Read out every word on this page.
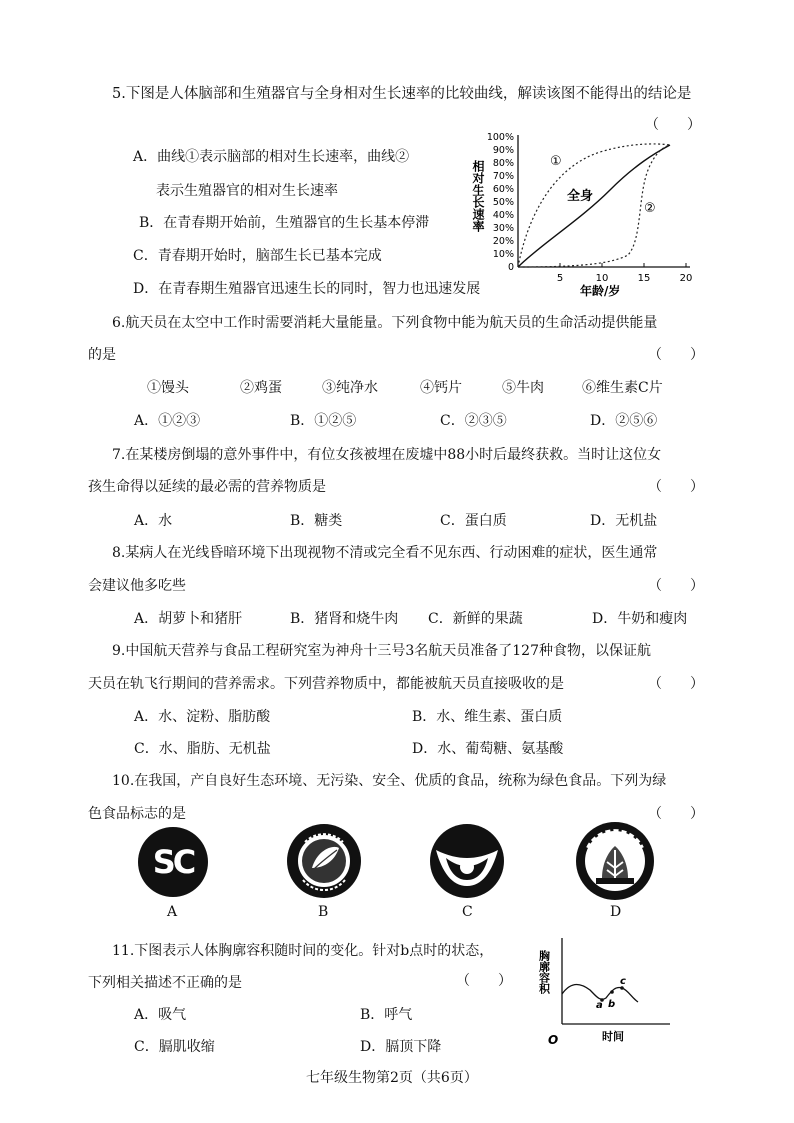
5.下图是人体脑部和生殖器官与全身相对生长速率的比较曲线，解读该图不能得出的结论是
（　　）
A．曲线①表示脑部的相对生长速率，曲线②
表示生殖器官的相对生长速率
B．在青春期开始前，生殖器官的生长基本停滞
C．青春期开始时，脑部生长已基本完成
D．在青春期生殖器官迅速生长的同时，智力也迅速发展
相对生长速率
100%
90%
80%
70%
60%
50%
40%
30%
20%
10%
0
5	10	15	20
①
全身
②
年龄/岁
6.航天员在太空中工作时需要消耗大量能量。下列食物中能为航天员的生命活动提供能量
的是	（　　）
①馒头	②鸡蛋	③纯净水	④钙片	⑤牛肉	⑥维生素C片
A．①②③	B．①②⑤	C．②③⑤	D．②⑤⑥
7.在某楼房倒塌的意外事件中，有位女孩被埋在废墟中88小时后最终获救。当时让这位女
孩生命得以延续的最必需的营养物质是	（　　）
A．水	B．糖类	C．蛋白质	D．无机盐
8.某病人在光线昏暗环境下出现视物不清或完全看不见东西、行动困难的症状，医生通常
会建议他多吃些	（　　）
A．胡萝卜和猪肝	B．猪肾和烧牛肉 C．新鲜的果蔬	D．牛奶和瘦肉
9.中国航天营养与食品工程研究室为神舟十三号3名航天员准备了127种食物，以保证航
天员在轨飞行期间的营养需求。下列营养物质中，都能被航天员直接吸收的是	（　　）
A．水、淀粉、脂肪酸	B．水、维生素、蛋白质
C．水、脂肪、无机盐	D．水、葡萄糖、氨基酸
10.在我国，产自良好生态环境、无污染、安全、优质的食品，统称为绿色食品。下列为绿
色食品标志的是	（　　）
SC
A	B	C	D
11.下图表示人体胸廓容积随时间的变化。针对b点时的状态，
下列相关描述不正确的是	（　　）
A．吸气	B．呼气
C．膈肌收缩	D．膈顶下降
胸廓容积
a b
c
O	时间
七年级生物第2页（共6页）
